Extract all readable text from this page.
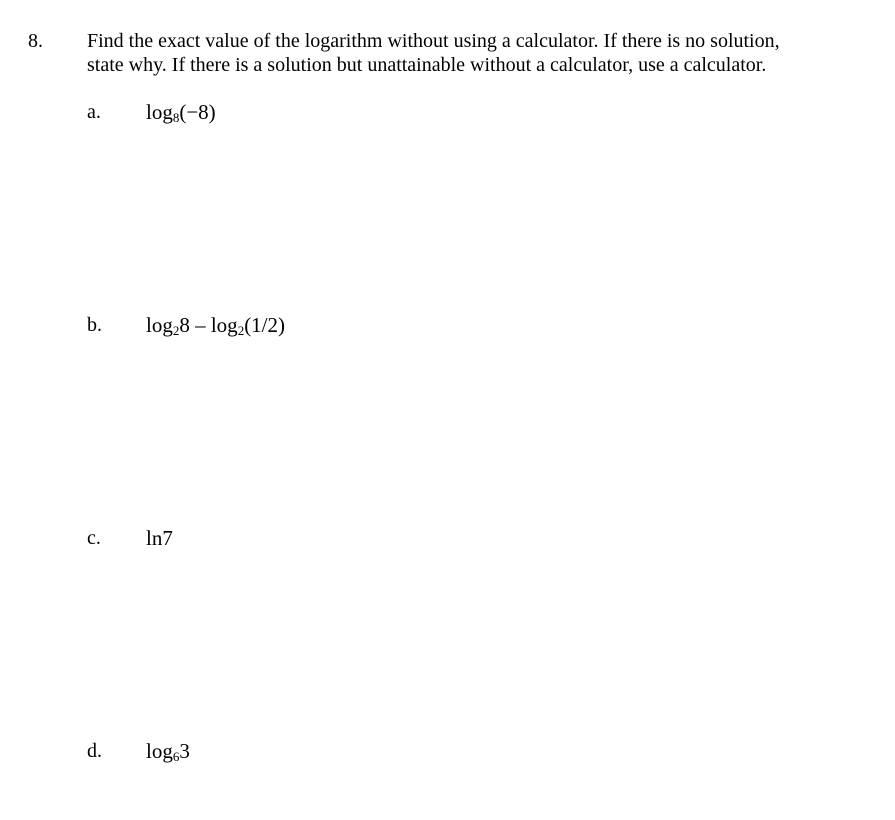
8. Find the exact value of the logarithm without using a calculator. If there is no solution,
state why. If there is a solution but unattainable without a calculator, use a calculator.
a. $\log_8(-8)$
b. $\log_28 - \log_2(1/2)$
c. ln7
d. $\log_63$
